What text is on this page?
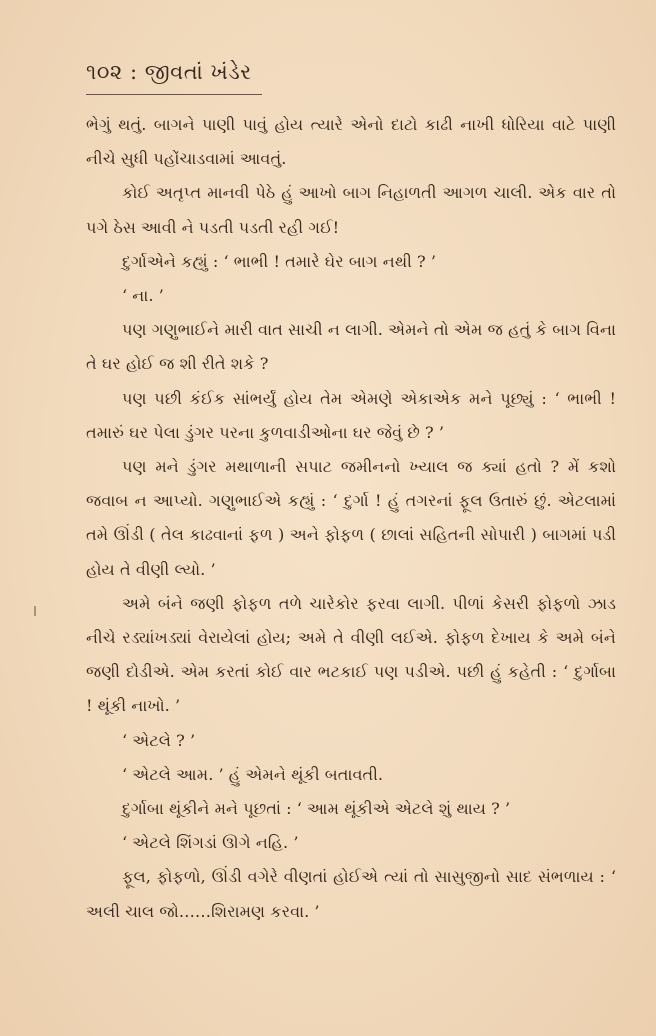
૧૦૨ : જીવતાં ખંડેર

ભેગું થતું. બાગને પાણી પાવું હોય ત્યારે એનો દાટો કાઢી નાખી ધોરિયા વાટે પાણી નીચે સુધી પહોંચાડવામાં આવતું.

કોઈ અતૃપ્ત માનવી પેઠે હું આખો બાગ નિહાળતી આગળ ચાલી. એક વાર તો પગે ઠેસ આવી ને પડતી પડતી રહી ગઈ!

દુર્ગાએને કહ્યું : ‘ ભાભી ! તમારે ઘેર બાગ નથી ? ’

‘ ના. ’

પણ ગણુભાઈને મારી વાત સાચી ન લાગી. એમને તો એમ જ હતું કે બાગ વિના તે ઘર હોઈ જ શી રીતે શકે ?

પણ પછી કંઈક સાંભર્યું હોય તેમ એમણે એકાએક મને પૂછ્યું : ‘ ભાભી ! તમારું ઘર પેલા ડુંગર પરના કુળવાડીઓના ઘર જેવું છે ? ’

પણ મને ડુંગર મથાળાની સપાટ જમીનનો ખ્યાલ જ ક્યાં હતો ? મેં કશો જવાબ ન આપ્યો. ગણુભાઈએ કહ્યું : ‘ દુર્ગા ! હું તગરનાં ફૂલ ઉતારું છું. એટલામાં તમે ઊંડી ( તેલ કાઢવાનાં ફળ ) અને ફોફળ ( છાલાં સહિતની સોપારી ) બાગમાં પડી હોય તે વીણી લ્યો. ’

અમે બંને જણી ફોફળ તળે ચારેકોર ફરવા લાગી. પીળાં કેસરી ફોફળો ઝાડ નીચે રડ્યાંખડ્યાં વેરાયેલાં હોય; અમે તે વીણી લઈએ. ફોફળ દેખાય કે અમે બંને જણી દોડીએ. એમ કરતાં કોઈ વાર ભટકાઈ પણ પડીએ. પછી હું કહેતી : ‘ દુર્ગાબા ! થૂંકી નાખો. ’

‘ એટલે ? ’

‘ એટલે આમ. ’ હું એમને થૂંકી બતાવતી.

દુર્ગાબા થૂંકીને મને પૂછતાં : ‘ આમ થૂંકીએ એટલે શું થાય ? ’

‘ એટલે શિંગડાં ઊગે નહિ. ’

ફૂલ, ફોફળો, ઊંડી વગેરે વીણતાં હોઈએ ત્યાં તો સાસુજીનો સાદ સંભળાય : ‘ અલી ચાલ જો……શિરામણ કરવા. ’
